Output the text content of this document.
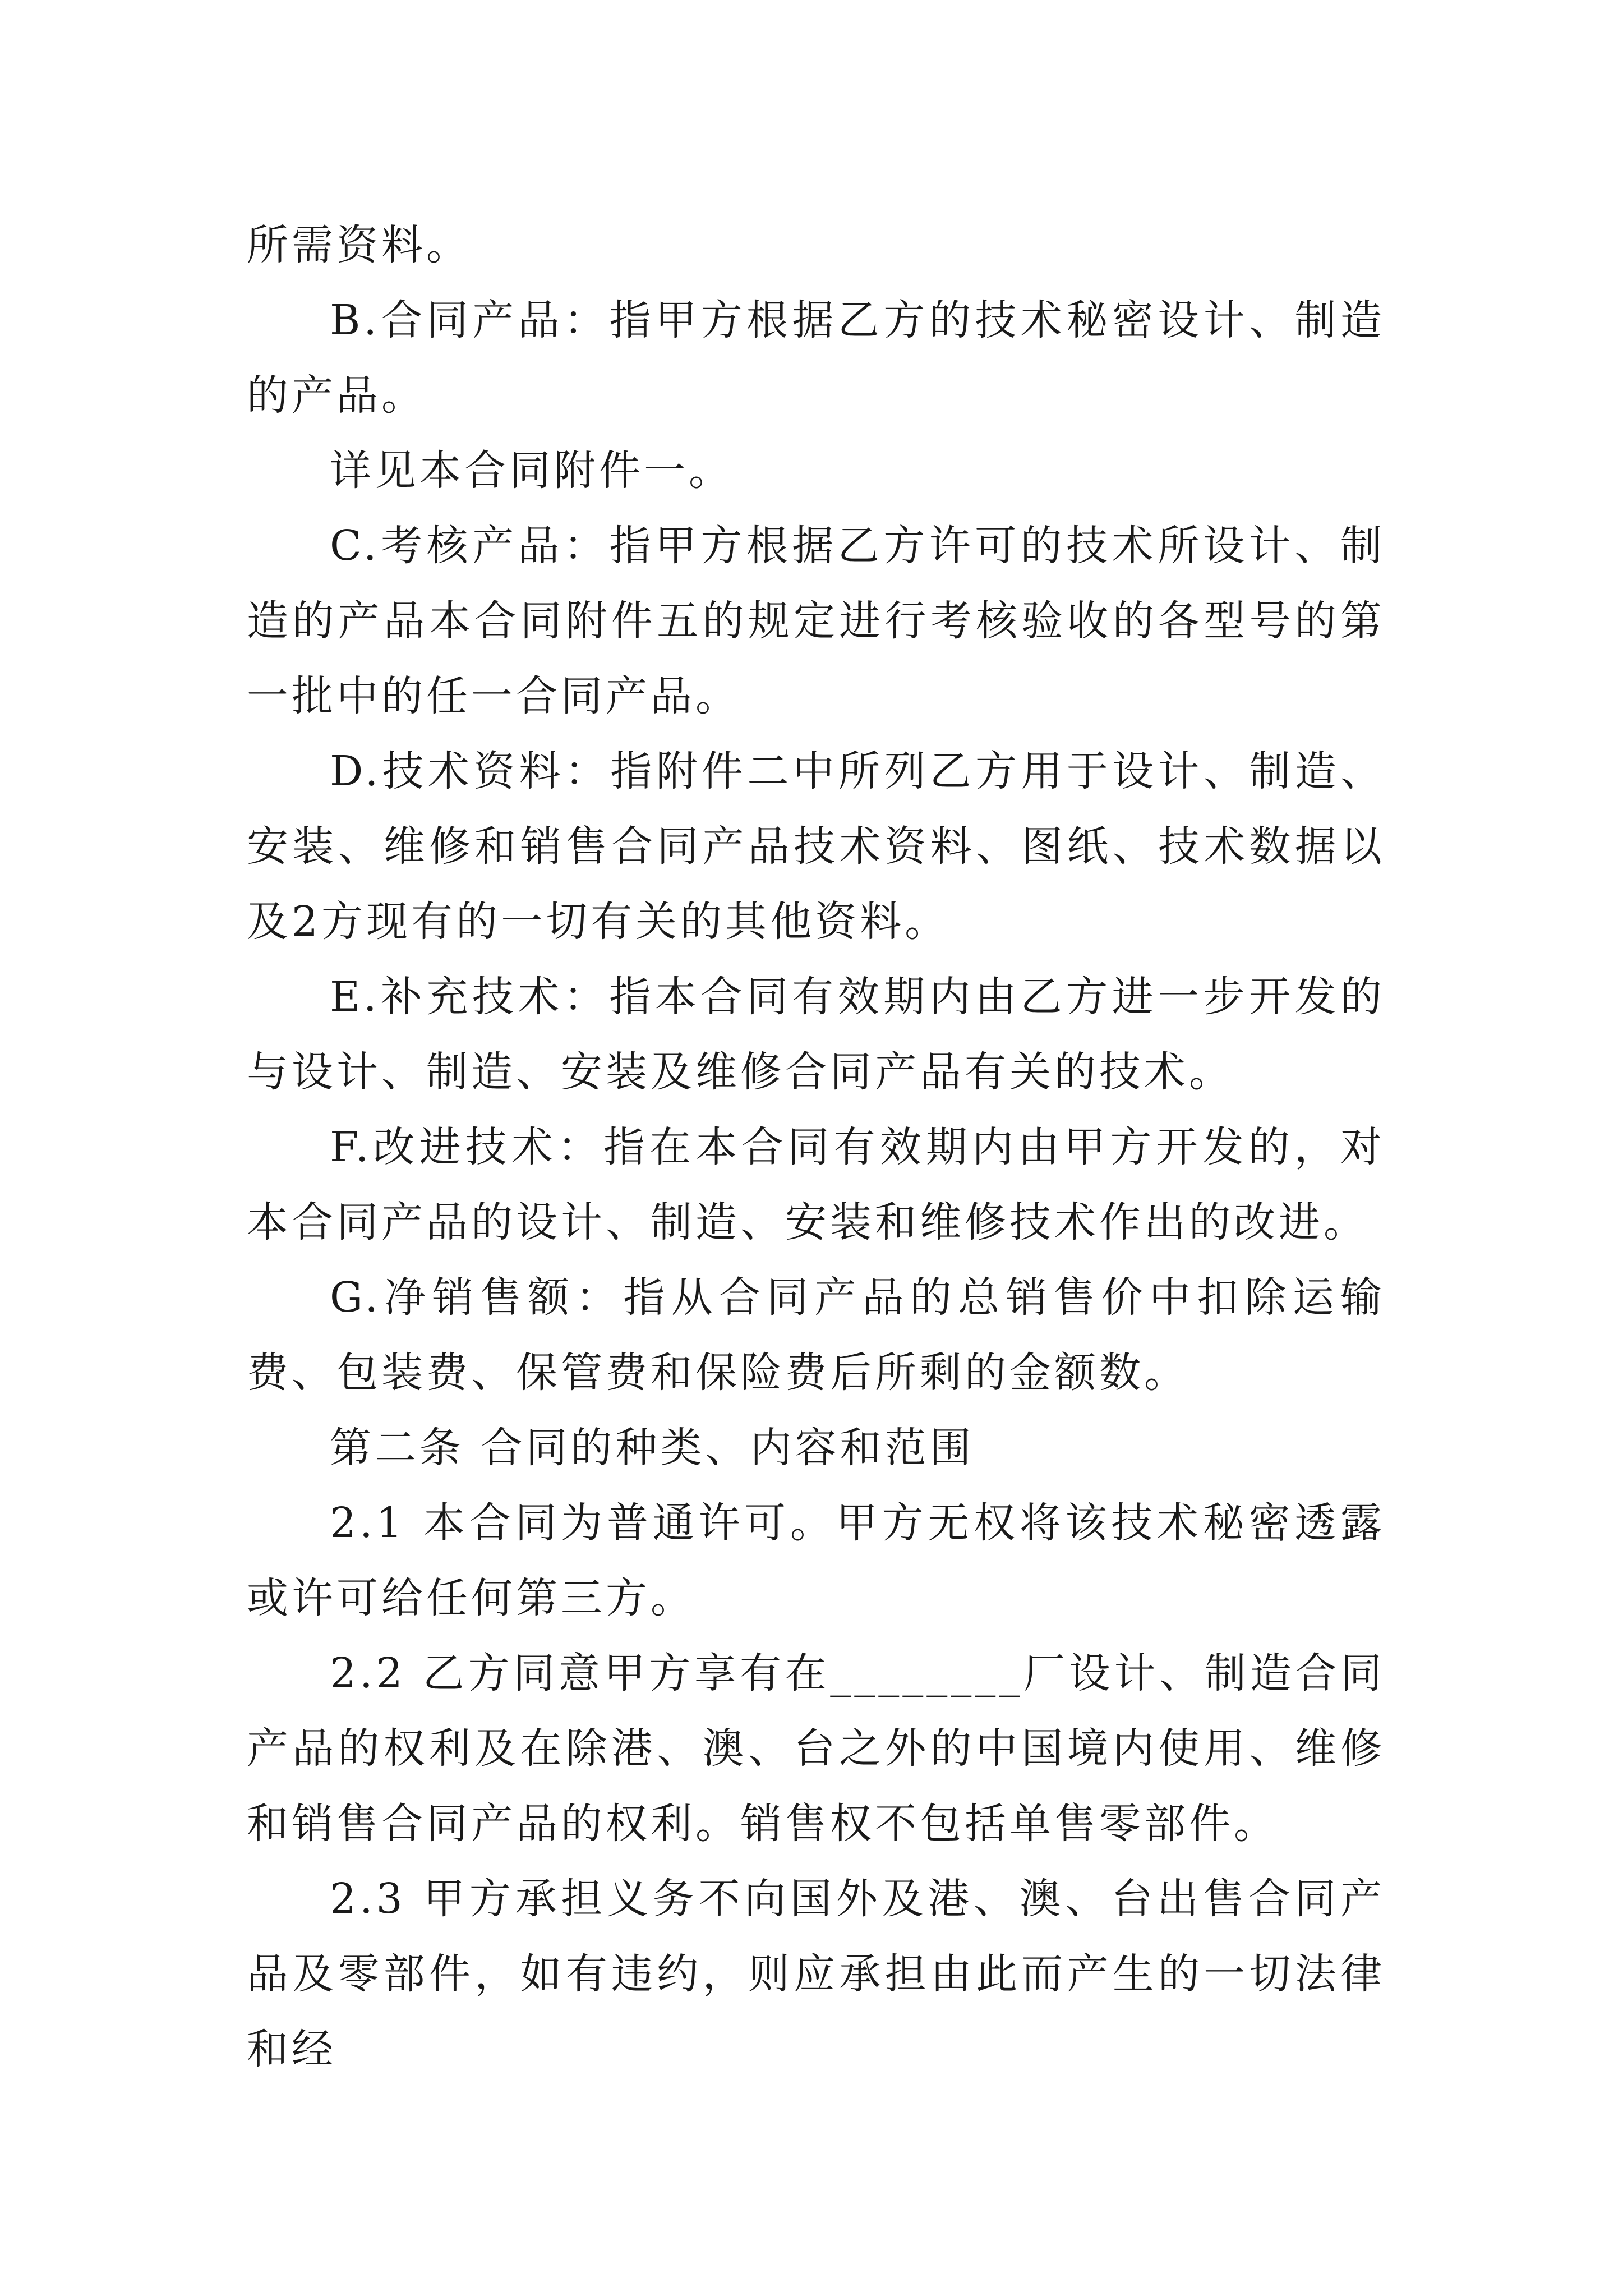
所需资料。

B.合同产品：指甲方根据乙方的技术秘密设计、制造的产品。

详见本合同附件一。

C.考核产品：指甲方根据乙方许可的技术所设计、制造的产品本合同附件五的规定进行考核验收的各型号的第一批中的任一合同产品。

D.技术资料：指附件二中所列乙方用于设计、制造、安装、维修和销售合同产品技术资料、图纸、技术数据以及2方现有的一切有关的其他资料。

E.补充技术：指本合同有效期内由乙方进一步开发的与设计、制造、安装及维修合同产品有关的技术。

F.改进技术：指在本合同有效期内由甲方开发的，对本合同产品的设计、制造、安装和维修技术作出的改进。

G.净销售额：指从合同产品的总销售价中扣除运输费、包装费、保管费和保险费后所剩的金额数。

第二条 合同的种类、内容和范围

2.1 本合同为普通许可。甲方无权将该技术秘密透露或许可给任何第三方。

2.2 乙方同意甲方享有在________厂设计、制造合同产品的权利及在除港、澳、台之外的中国境内使用、维修和销售合同产品的权利。销售权不包括单售零部件。

2.3 甲方承担义务不向国外及港、澳、台出售合同产品及零部件，如有违约，则应承担由此而产生的一切法律和经
